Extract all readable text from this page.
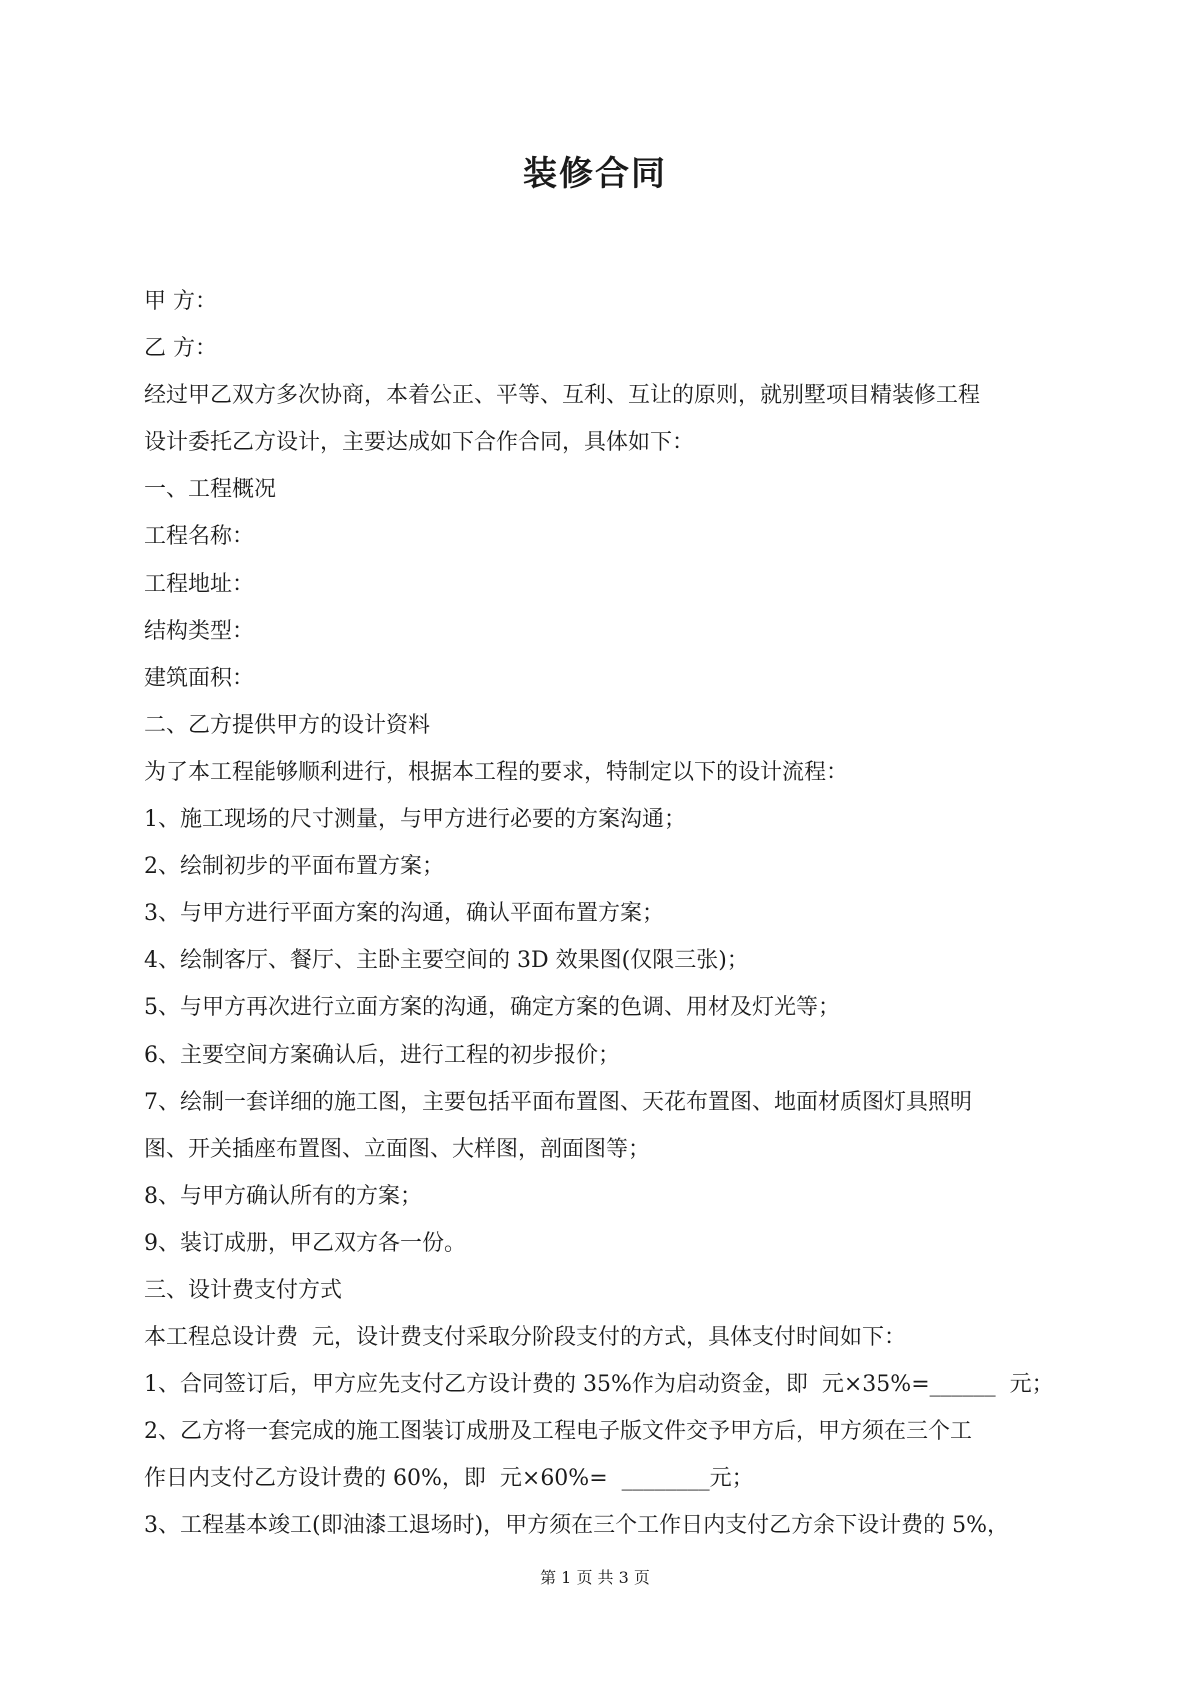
装修合同

甲 方：

乙 方：

经过甲乙双方多次协商，本着公正、平等、互利、互让的原则，就别墅项目精装修工程

设计委托乙方设计，主要达成如下合作合同，具体如下：

一、工程概况

工程名称：

工程地址：

结构类型：

建筑面积：

二、乙方提供甲方的设计资料

为了本工程能够顺利进行，根据本工程的要求，特制定以下的设计流程：

1、施工现场的尺寸测量，与甲方进行必要的方案沟通；

2、绘制初步的平面布置方案；

3、与甲方进行平面方案的沟通，确认平面布置方案；

4、绘制客厅、餐厅、主卧主要空间的 3D 效果图(仅限三张)；

5、与甲方再次进行立面方案的沟通，确定方案的色调、用材及灯光等；

6、主要空间方案确认后，进行工程的初步报价；

7、绘制一套详细的施工图，主要包括平面布置图、天花布置图、地面材质图灯具照明

图、开关插座布置图、立面图、大样图，剖面图等；

8、与甲方确认所有的方案；

9、装订成册，甲乙双方各一份。

三、设计费支付方式

本工程总设计费  元，设计费支付采取分阶段支付的方式，具体支付时间如下：

1、合同签订后，甲方应先支付乙方设计费的 35%作为启动资金，即  元×35%=______  元；

2、乙方将一套完成的施工图装订成册及工程电子版文件交予甲方后，甲方须在三个工

作日内支付乙方设计费的 60%，即  元×60%=  ________元；

3、工程基本竣工(即油漆工退场时)，甲方须在三个工作日内支付乙方余下设计费的 5%，

第 1 页 共 3 页
